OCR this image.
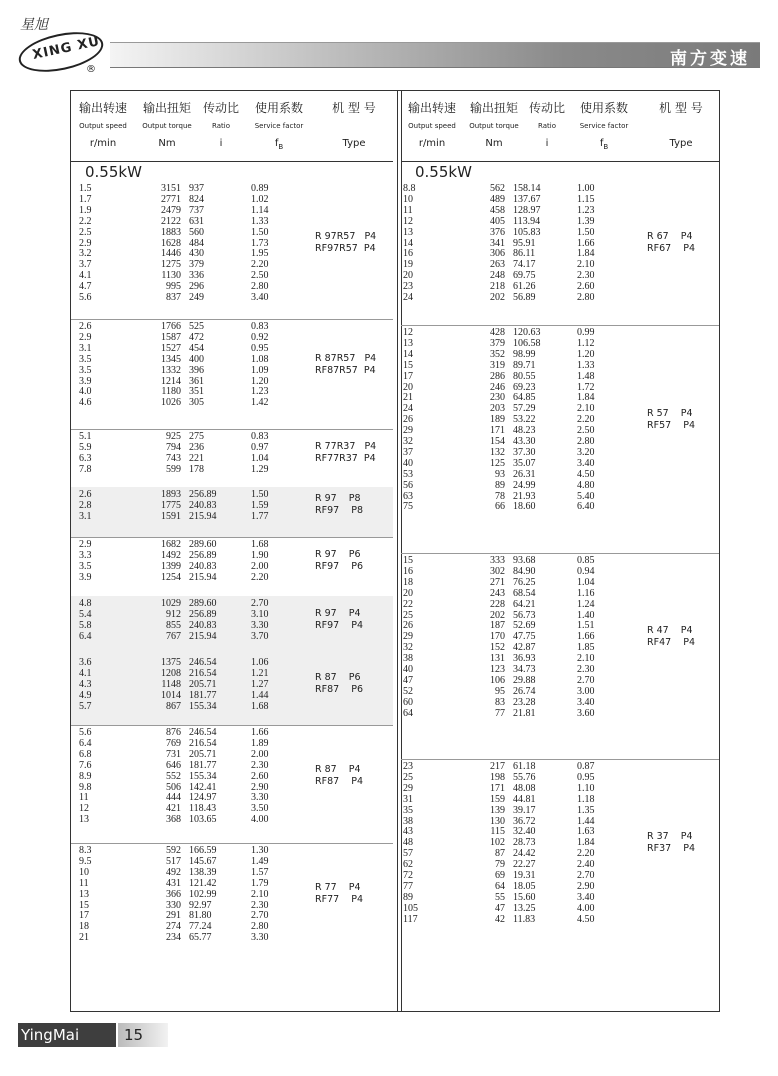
星旭
XING XU
®
南方变速
输出转速
Output speed
r/min
输出扭矩
Output torque
Nm
传动比
Ratio
i
使用系数
Service factor
$f_B$
机 型 号
Type
0.55kW
1.5	3151 937	0.89
1.7	2771 824	1.02
1.9	2479 737	1.14
2.2	2122 631	1.33
2.5	1883 560	1.50
2.9	1628 484	1.73
3.2	1446 430	1.95
3.7	1275 379	2.20
4.1	1130 336	2.50
4.7	995 296	2.80
5.6	837 249	3.40
R 97R57   P4
RF97R57  P4
2.6	1766 525	0.83
2.9	1587 472	0.92
3.1	1527 454	0.95
3.5	1345 400	1.08
3.5	1332 396	1.09
3.9	1214 361	1.20
4.0	1180 351	1.23
4.6	1026 305	1.42
R 87R57   P4
RF87R57  P4
5.1	925 275	0.83
5.9	794 236	0.97
6.3	743 221	1.04
7.8	599 178	1.29
R 77R37   P4
RF77R37  P4
2.6	1893 256.89	1.50
2.8	1775 240.83	1.59
3.1	1591 215.94	1.77
R 97    P8
RF97    P8
2.9	1682 289.60	1.68
3.3	1492 256.89	1.90
3.5	1399 240.83	2.00
3.9	1254 215.94	2.20
R 97    P6
RF97    P6
4.8	1029 289.60	2.70
5.4	912 256.89	3.10
5.8	855 240.83	3.30
6.4	767 215.94	3.70
R 97    P4
RF97    P4
3.6	1375 246.54	1.06
4.1	1208 216.54	1.21
4.3	1148 205.71	1.27
4.9	1014 181.77	1.44
5.7	867 155.34	1.68
R 87    P6
RF87    P6
5.6	876 246.54	1.66
6.4	769 216.54	1.89
6.8	731 205.71	2.00
7.6	646 181.77	2.30
8.9	552 155.34	2.60
9.8	506 142.41	2.90
11	444 124.97	3.30
12	421 118.43	3.50
13	368 103.65	4.00
R 87    P4
RF87    P4
8.3	592 166.59	1.30
9.5	517 145.67	1.49
10	492 138.39	1.57
11	431 121.42	1.79
13	366 102.99	2.10
15	330 92.97	2.30
17	291 81.80	2.70
18	274 77.24	2.80
21	234 65.77	3.30
R 77    P4
RF77    P4
输出转速
Output speed
r/min
输出扭矩
Output torque
Nm
传动比
Ratio
i
使用系数
Service factor
$f_B$
机 型 号
Type
0.55kW
8.8	562 158.14	1.00
10	489 137.67	1.15
11	458 128.97	1.23
12	405 113.94	1.39
13	376 105.83	1.50
14	341 95.91	1.66
16	306 86.11	1.84
19	263 74.17	2.10
20	248 69.75	2.30
23	218 61.26	2.60
24	202 56.89	2.80
R 67    P4
RF67    P4
12	428 120.63	0.99
13	379 106.58	1.12
14	352 98.99	1.20
15	319 89.71	1.33
17	286 80.55	1.48
20	246 69.23	1.72
21	230 64.85	1.84
24	203 57.29	2.10
26	189 53.22	2.20
29	171 48.23	2.50
32	154 43.30	2.80
37	132 37.30	3.20
40	125 35.07	3.40
53	93 26.31	4.50
56	89 24.99	4.80
63	78 21.93	5.40
75	66 18.60	6.40
R 57    P4
RF57    P4
15	333 93.68	0.85
16	302 84.90	0.94
18	271 76.25	1.04
20	243 68.54	1.16
22	228 64.21	1.24
25	202 56.73	1.40
26	187 52.69	1.51
29	170 47.75	1.66
32	152 42.87	1.85
38	131 36.93	2.10
40	123 34.73	2.30
47	106 29.88	2.70
52	95 26.74	3.00
60	83 23.28	3.40
64	77 21.81	3.60
R 47    P4
RF47    P4
23	217 61.18	0.87
25	198 55.76	0.95
29	171 48.08	1.10
31	159 44.81	1.18
35	139 39.17	1.35
38	130 36.72	1.44
43	115 32.40	1.63
48	102 28.73	1.84
57	87 24.42	2.20
62	79 22.27	2.40
72	69 19.31	2.70
77	64 18.05	2.90
89	55 15.60	3.40
105	47 13.25	4.00
117	42 11.83	4.50
R 37    P4
RF37    P4
YingMai	15
